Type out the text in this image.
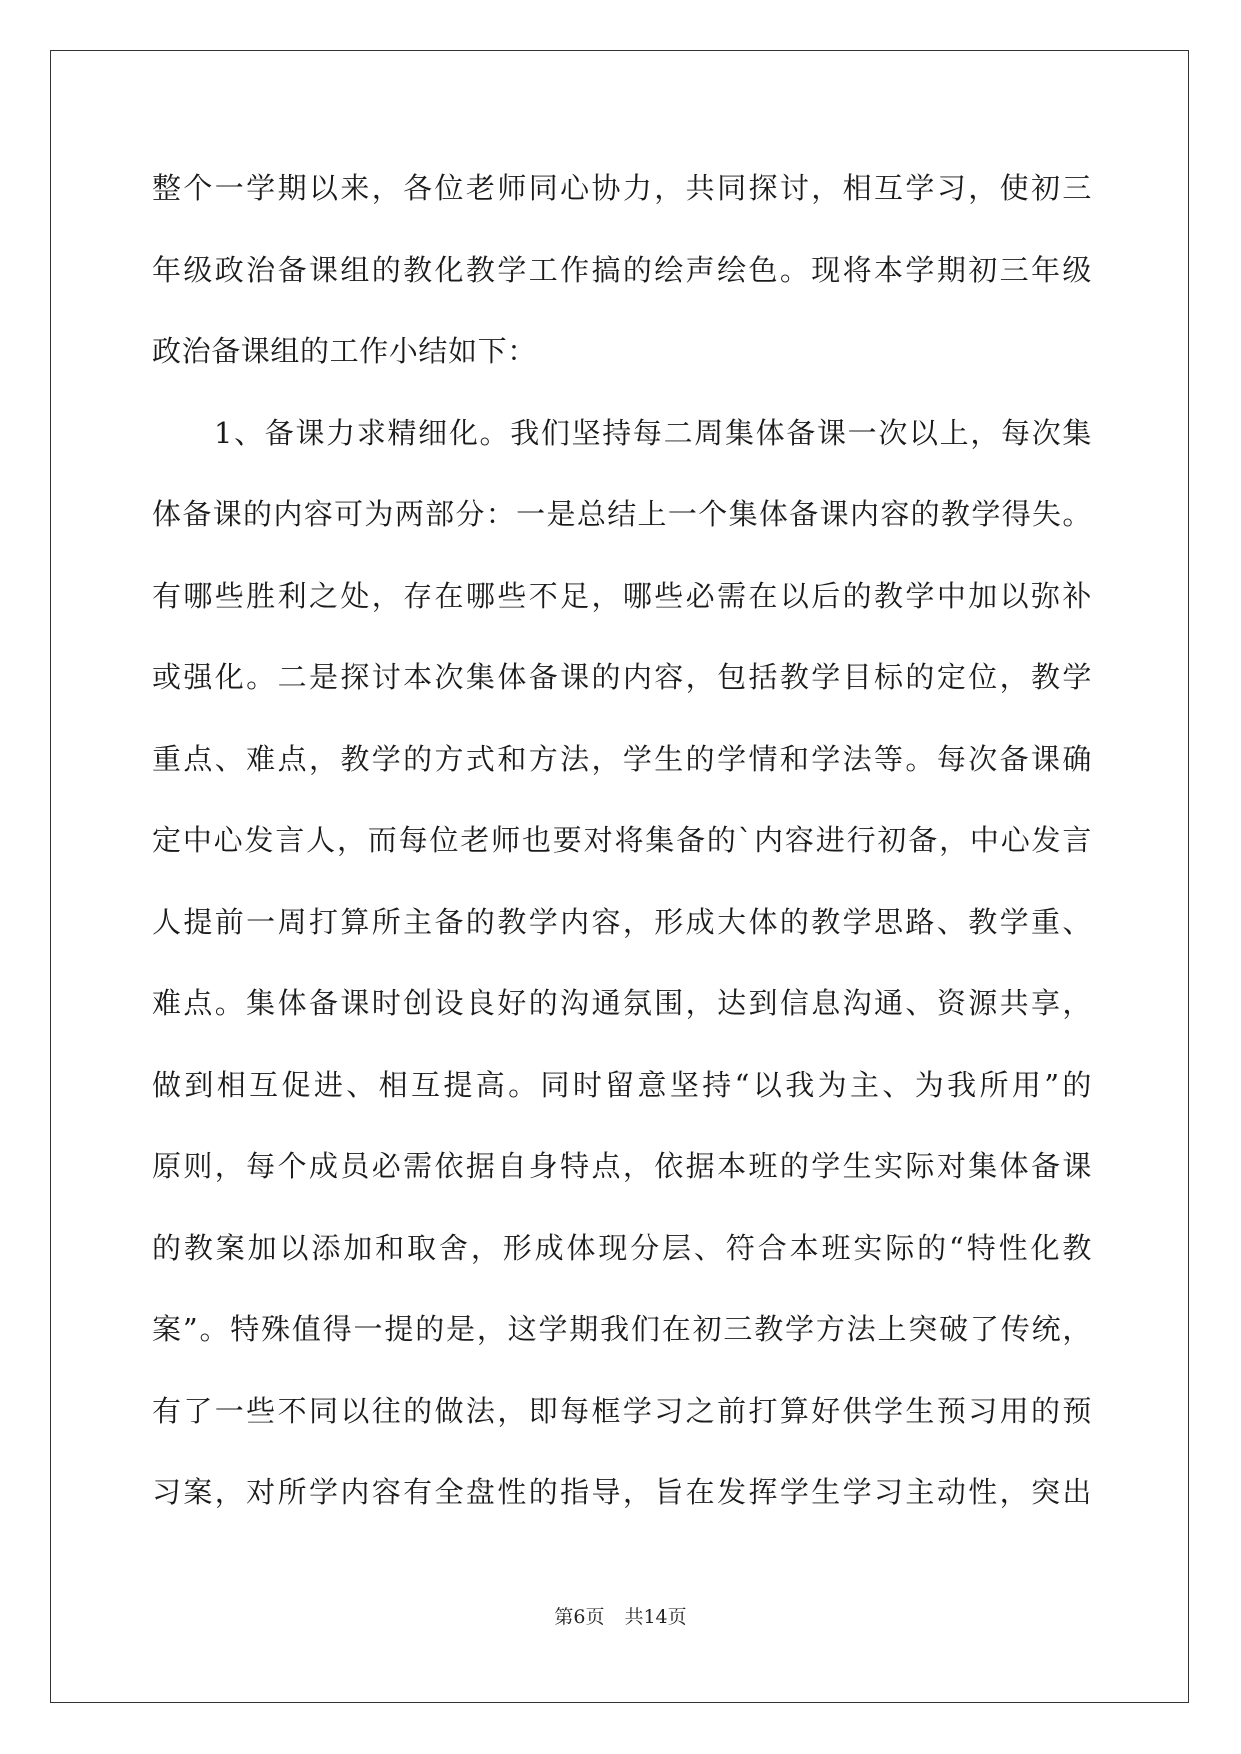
整个一学期以来，各位老师同心协力，共同探讨，相互学习，使初三
年级政治备课组的教化教学工作搞的绘声绘色。现将本学期初三年级
政治备课组的工作小结如下：
1、备课力求精细化。我们坚持每二周集体备课一次以上，每次集
体备课的内容可为两部分：一是总结上一个集体备课内容的教学得失。
有哪些胜利之处，存在哪些不足，哪些必需在以后的教学中加以弥补
或强化。二是探讨本次集体备课的内容，包括教学目标的定位，教学
重点、难点，教学的方式和方法，学生的学情和学法等。每次备课确
定中心发言人，而每位老师也要对将集备的`内容进行初备，中心发言
人提前一周打算所主备的教学内容，形成大体的教学思路、教学重、
难点。集体备课时创设良好的沟通氛围，达到信息沟通、资源共享，
做到相互促进、相互提高。同时留意坚持“以我为主、为我所用”的
原则，每个成员必需依据自身特点，依据本班的学生实际对集体备课
的教案加以添加和取舍，形成体现分层、符合本班实际的“特性化教
案”。特殊值得一提的是，这学期我们在初三教学方法上突破了传统，
有了一些不同以往的做法，即每框学习之前打算好供学生预习用的预
习案，对所学内容有全盘性的指导，旨在发挥学生学习主动性，突出
第6页 共14页
